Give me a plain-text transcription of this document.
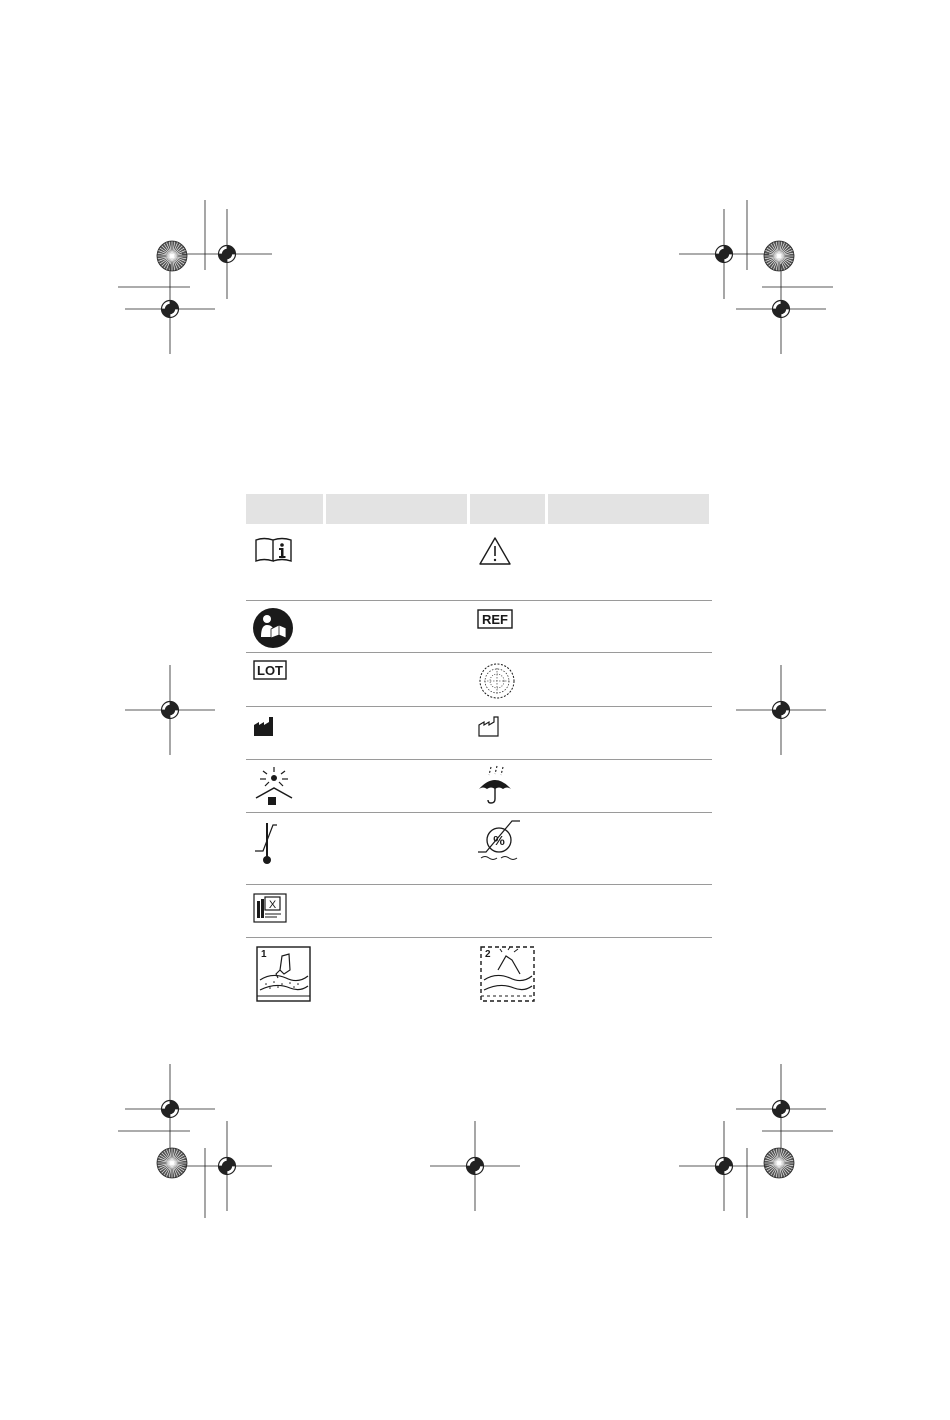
REF
LOT
%
X
1	2
